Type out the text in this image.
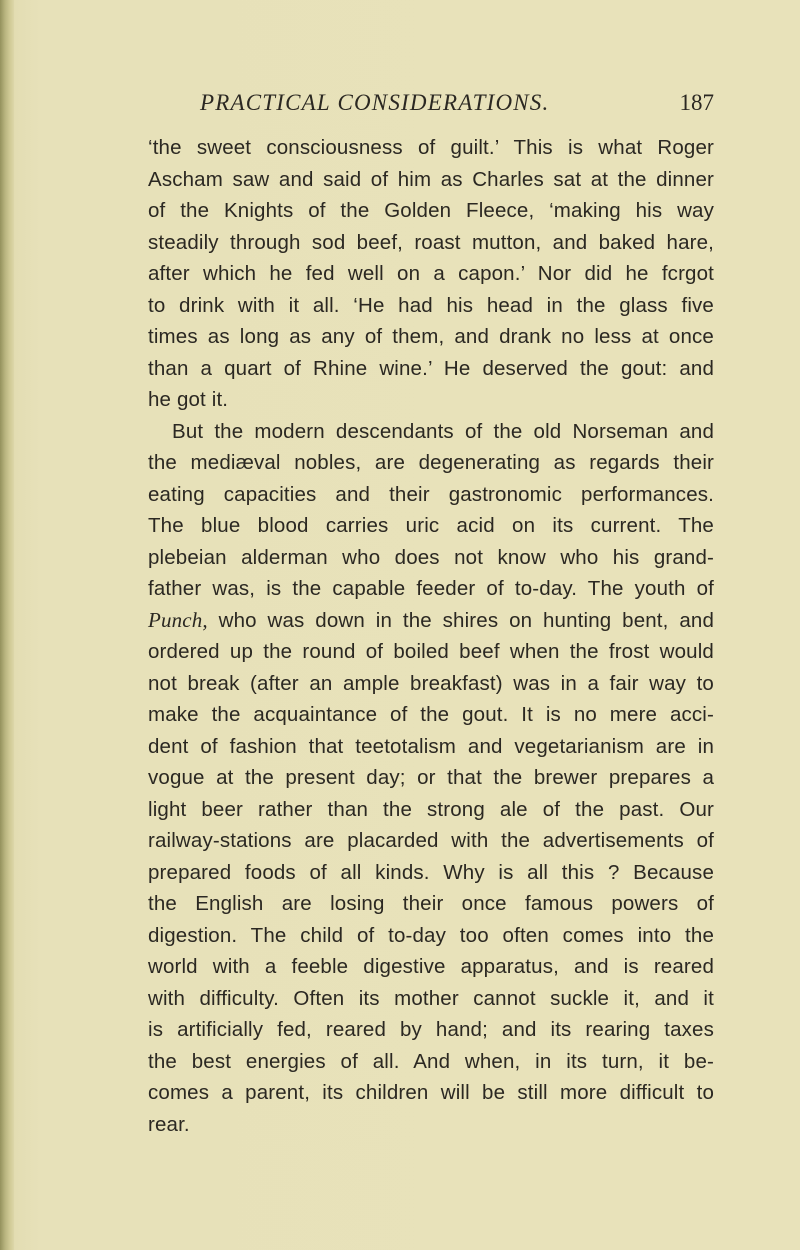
PRACTICAL CONSIDERATIONS.	187
‘the sweet consciousness of guilt.’ This is what Roger
Ascham saw and said of him as Charles sat at the dinner
of the Knights of the Golden Fleece, ‘making his way
steadily through sod beef, roast mutton, and baked hare,
after which he fed well on a capon.’ Nor did he fcrgot
to drink with it all. ‘He had his head in the glass five
times as long as any of them, and drank no less at once
than a quart of Rhine wine.’ He deserved the gout: and
he got it.
But the modern descendants of the old Norseman and
the mediæval nobles, are degenerating as regards their
eating capacities and their gastronomic performances.
The blue blood carries uric acid on its current. The
plebeian alderman who does not know who his grand-
father was, is the capable feeder of to-day. The youth of
Punch, who was down in the shires on hunting bent, and
ordered up the round of boiled beef when the frost would
not break (after an ample breakfast) was in a fair way to
make the acquaintance of the gout. It is no mere acci-
dent of fashion that teetotalism and vegetarianism are in
vogue at the present day; or that the brewer prepares a
light beer rather than the strong ale of the past. Our
railway-stations are placarded with the advertisements of
prepared foods of all kinds. Why is all this ? Because
the English are losing their once famous powers of
digestion. The child of to-day too often comes into the
world with a feeble digestive apparatus, and is reared
with difficulty. Often its mother cannot suckle it, and it
is artificially fed, reared by hand; and its rearing taxes
the best energies of all. And when, in its turn, it be-
comes a parent, its children will be still more difficult to
rear.
